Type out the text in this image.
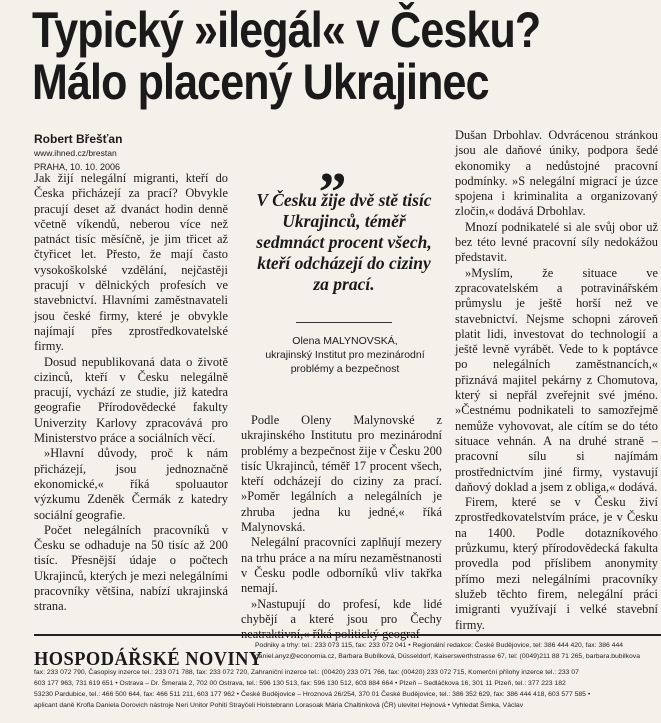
Typický »ilegál« v Česku?
Málo placený Ukrajinec
Robert Břešťan
www.ihned.cz/brestan
PRAHA, 10. 10. 2006

Jak žijí nelegální migranti, kteří do Česka přicházejí za prací? Obvykle pracují deset až dvanáct hodin denně včetně víkendů, neberou více než patnáct tisíc měsíčně, je jim třicet až čtyřicet let. Přesto, že mají často vysokoškolské vzdělání, nejčastěji pracují v dělnických profesích ve stavebnictví. Hlavními zaměstnavateli jsou české firmy, které je obvykle najímají přes zprostředkovatelské firmy.

Dosud nepublikovaná data o životě cizinců, kteří v Česku nelegálně pracují, vychází ze studie, již katedra geografie Přírodovědecké fakulty Univerzity Karlovy zpracovává pro Ministerstvo práce a sociálních věcí.

»Hlavní důvody, proč k nám přicházejí, jsou jednoznačně ekonomické,« říká spoluautor výzkumu Zdeněk Čermák z katedry sociální geografie.

Počet nelegálních pracovníků v Česku se odhaduje na 50 tisíc až 200 tisíc. Přesnější údaje o počtech Ukrajinců, kterých je mezi nelegálními pracovníky většina, nabízí ukrajinská strana.

„
V Česku žije dvě stě tisíc Ukrajinců, téměř sedmnáct procent všech, kteří odcházejí do ciziny za prací.
Olena MALYNOVSKÁ,
ukrajinský Institut pro mezinárodní problémy a bezpečnost

Podle Oleny Malynovské z ukrajinského Institutu pro mezinárodní problémy a bezpečnost žije v Česku 200 tisíc Ukrajinců, téměř 17 procent všech, kteří odcházejí do ciziny za prací. »Poměr legálních a nelegálních je zhruba jedna ku jedné,« říká Malynovská.

Nelegální pracovníci zaplňují mezery na trhu práce a na míru nezaměstnanosti v Česku podle odborníků vliv takřka nemají.

»Nastupují do profesí, kde lidé chybějí a které jsou pro Čechy neatraktivní,« říká politický geograf

Dušan Drbohlav. Odvrácenou stránkou jsou ale daňové úniky, podpora šedé ekonomiky a nedůstojné pracovní podmínky. »S nelegální migrací je úzce spojena i kriminalita a organizovaný zločin,« dodává Drbohlav.

Mnozí podnikatelé si ale svůj obor už bez této levné pracovní síly nedokážou představit.

»Myslím, že situace ve zpracovatelském a potravinářském průmyslu je ještě horší než ve stavebnictví. Nejsme schopni zároveň platit lidi, investovat do technologií a ještě levně vyrábět. Vede to k poptávce po nelegálních zaměstnancích,« přiznává majitel pekárny z Chomutova, který si nepřál zveřejnit své jméno. »Čestnému podnikateli to samozřejmě nemůže vyhovovat, ale cítím se do této situace vehnán. A na druhé straně – pracovní sílu si najímám prostřednictvím jiné firmy, vystavují daňový doklad a jsem z obliga,« dodává.

Firem, které se v Česku živí zprostředkovatelstvím práce, je v Česku na 1400. Podle dotazníkového průzkumu, který přírodovědecká fakulta provedla pod příslibem anonymity přímo mezi nelegálními pracovníky služeb těchto firem, nelegální práci imigranti využívají i velké stavební firmy.

HOSPODÁŘSKÉ NOVINY
Podniky a trhy: tel.: 233 073 115, fax: 233 072 041 • Regionální redakce: České Budějovice, tel: 386 444 420, fax: 386 444
daniel.anyz@economia.cz, Barbara Bubílková, Düsseldorf, Kaiserswerthstrasse 67, tel: (0049)211 88 71 265, barbara.bubilkova
fax: 233 072 790, Časopisy inzerce tel.: 233 071 788, fax: 233 072 720, Zahraniční inzerce tel.: (00420) 233 071 766, fax: (00420) 233 072 715, Komerční přílohy inzerce tel.: 233 07
603 177 963, 731 619 651 • Ostrava – Dr. Šmerala 2, 702 00 Ostrava, tel.: 596 130 513, fax: 596 130 512, 603 884 664 • Plzeň – Sedláčkova 16, 301 11 Plzeň, tel.: 377 223 182
53230 Pardubice, tel.: 466 500 644, fax: 466 511 211, 603 177 962 • České Budějovice – Hroznová 26/254, 370 01 České Budějovice, tel.: 386 352 629, fax: 386 444 418, 603 577 585 •
aplicant daně Krofla Daniela Dorovich nástroje Neri Unitor Pohiti Strayčeli Holstebrann Lorasoak Mária Chaltinková (ČR) ulevitel Hejnová • Vyhledat Šimka, Václav
